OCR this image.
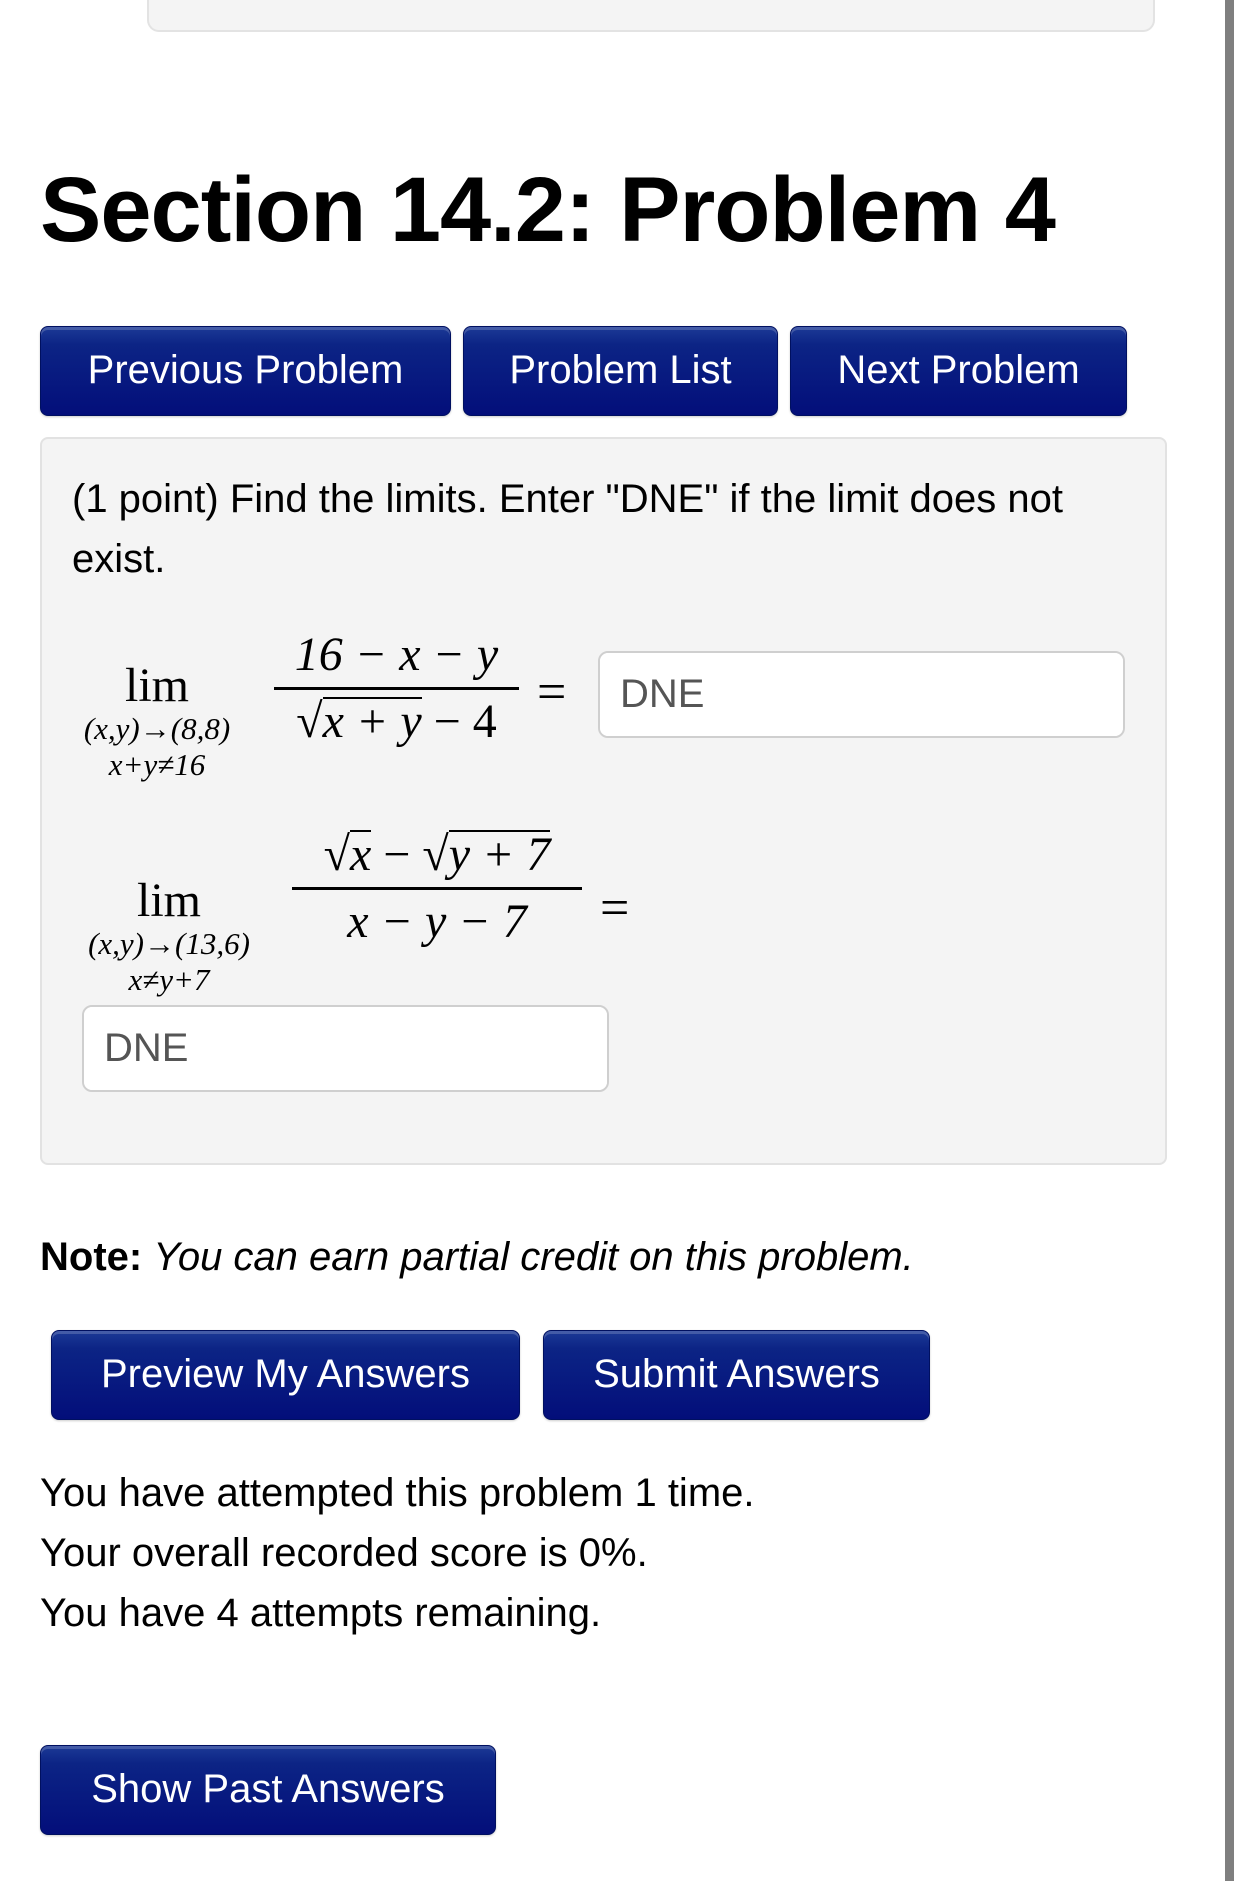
Section 14.2: Problem 4
Previous Problem	Problem List	Next Problem

(1 point) Find the limits. Enter "DNE" if the limit does not exist.

lim
(x,y)→(8,8)
x+y≠16
16 − x − y
√x + y − 4
=
DNE
lim
(x,y)→(13,6)
x≠y+7
√x − √y + 7
x − y − 7	=
DNE

Note: You can earn partial credit on this problem.

Preview My Answers	Submit Answers

You have attempted this problem 1 time.

Your overall recorded score is 0%.

You have 4 attempts remaining.

Show Past Answers
